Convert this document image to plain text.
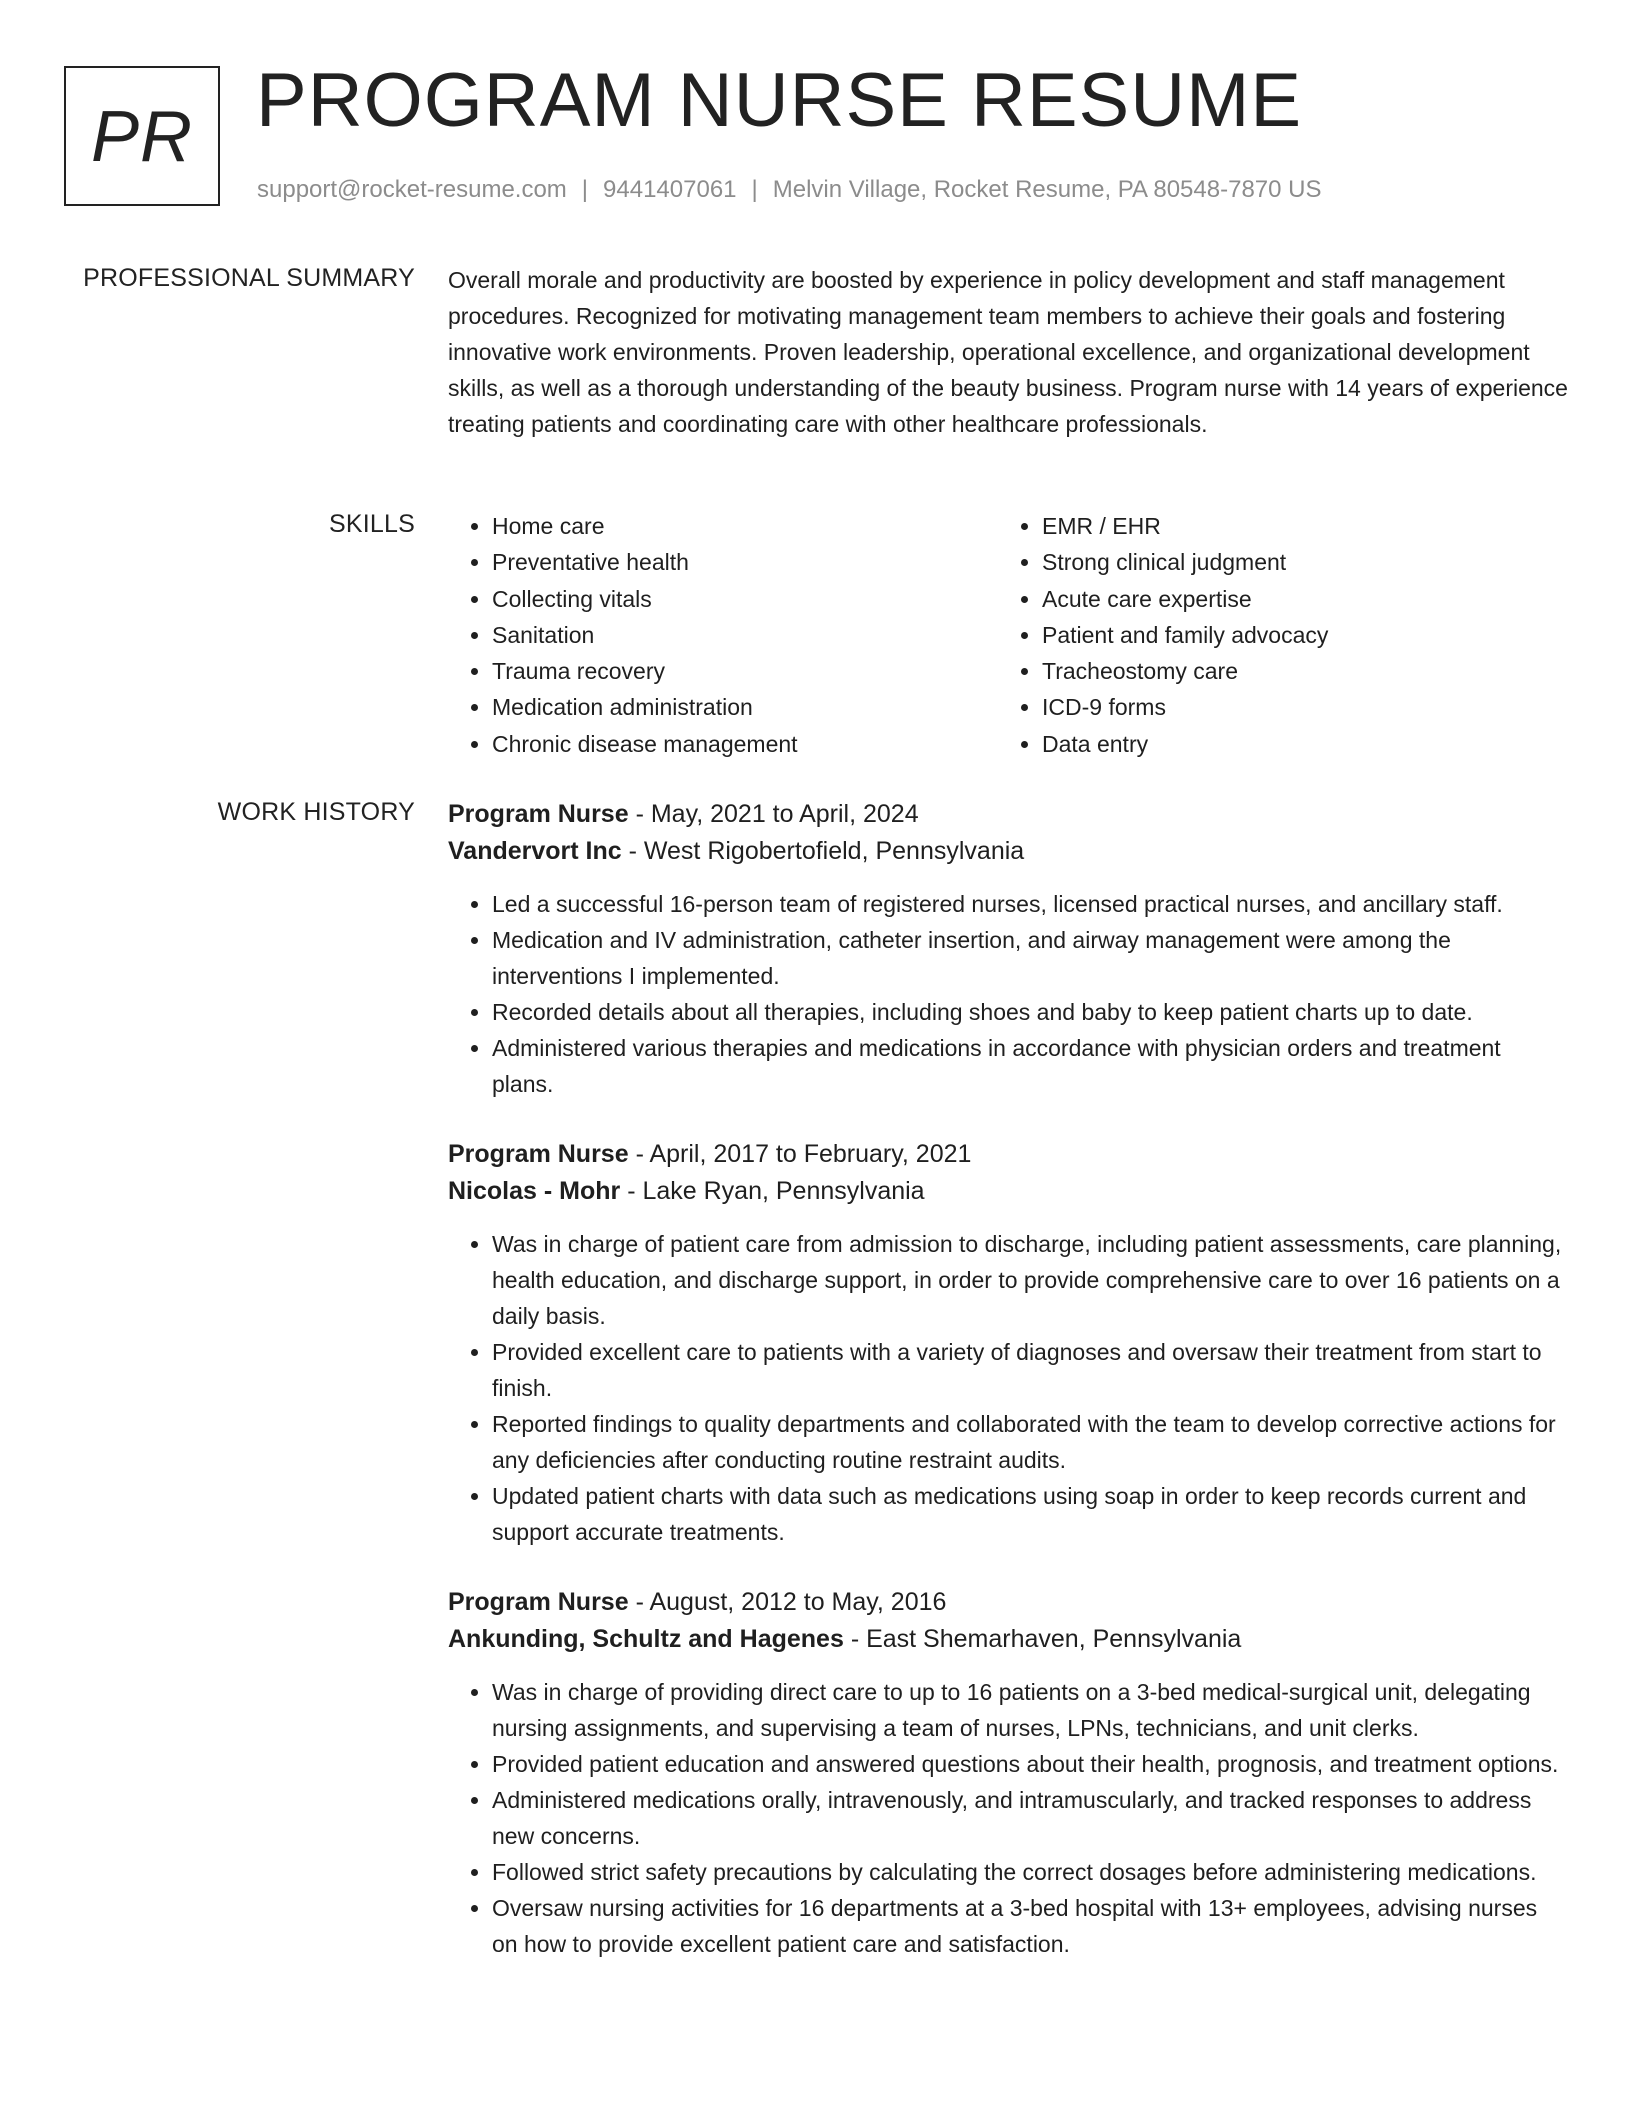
PR PROGRAM NURSE RESUME
support@rocket-resume.com | 9441407061 | Melvin Village, Rocket Resume, PA 80548-7870 US
PROFESSIONAL SUMMARY Overall morale and productivity are boosted by experience in policy development and staff management procedures. Recognized for motivating management team members to achieve their goals and fostering innovative work environments. Proven leadership, operational excellence, and organizational development skills, as well as a thorough understanding of the beauty business. Program nurse with 14 years of experience treating patients and coordinating care with other healthcare professionals.
SKILLS
•	Home care
• Preventative health
• Collecting vitals
• Sanitation
• Trauma recovery
• Medication administration
• Chronic disease management
• EMR / EHR
• Strong clinical judgment
• Acute care expertise
• Patient and family advocacy
• Tracheostomy care
• ICD-9 forms
• Data entry
WORK HISTORY Program Nurse - May, 2021 to April, 2024
Vandervort Inc - West Rigobertofield, Pennsylvania
• Led a successful 16-person team of registered nurses, licensed practical nurses, and ancillary staff.
• Medication and IV administration, catheter insertion, and airway management were among the interventions I implemented.
• Recorded details about all therapies, including shoes and baby to keep patient charts up to date.
• Administered various therapies and medications in accordance with physician orders and treatment plans.
Program Nurse - April, 2017 to February, 2021
Nicolas - Mohr - Lake Ryan, Pennsylvania
• Was in charge of patient care from admission to discharge, including patient assessments, care planning, health education, and discharge support, in order to provide comprehensive care to over 16 patients on a daily basis.
• Provided excellent care to patients with a variety of diagnoses and oversaw their treatment from start to finish.
• Reported findings to quality departments and collaborated with the team to develop corrective actions for any deficiencies after conducting routine restraint audits.
• Updated patient charts with data such as medications using soap in order to keep records current and support accurate treatments.
Program Nurse - August, 2012 to May, 2016
Ankunding, Schultz and Hagenes - East Shemarhaven, Pennsylvania
• Was in charge of providing direct care to up to 16 patients on a 3-bed medical-surgical unit, delegating nursing assignments, and supervising a team of nurses, LPNs, technicians, and unit clerks.
• Provided patient education and answered questions about their health, prognosis, and treatment options.
• Administered medications orally, intravenously, and intramuscularly, and tracked responses to address new concerns.
• Followed strict safety precautions by calculating the correct dosages before administering medications.
• Oversaw nursing activities for 16 departments at a 3-bed hospital with 13+ employees, advising nurses on how to provide excellent patient care and satisfaction.
